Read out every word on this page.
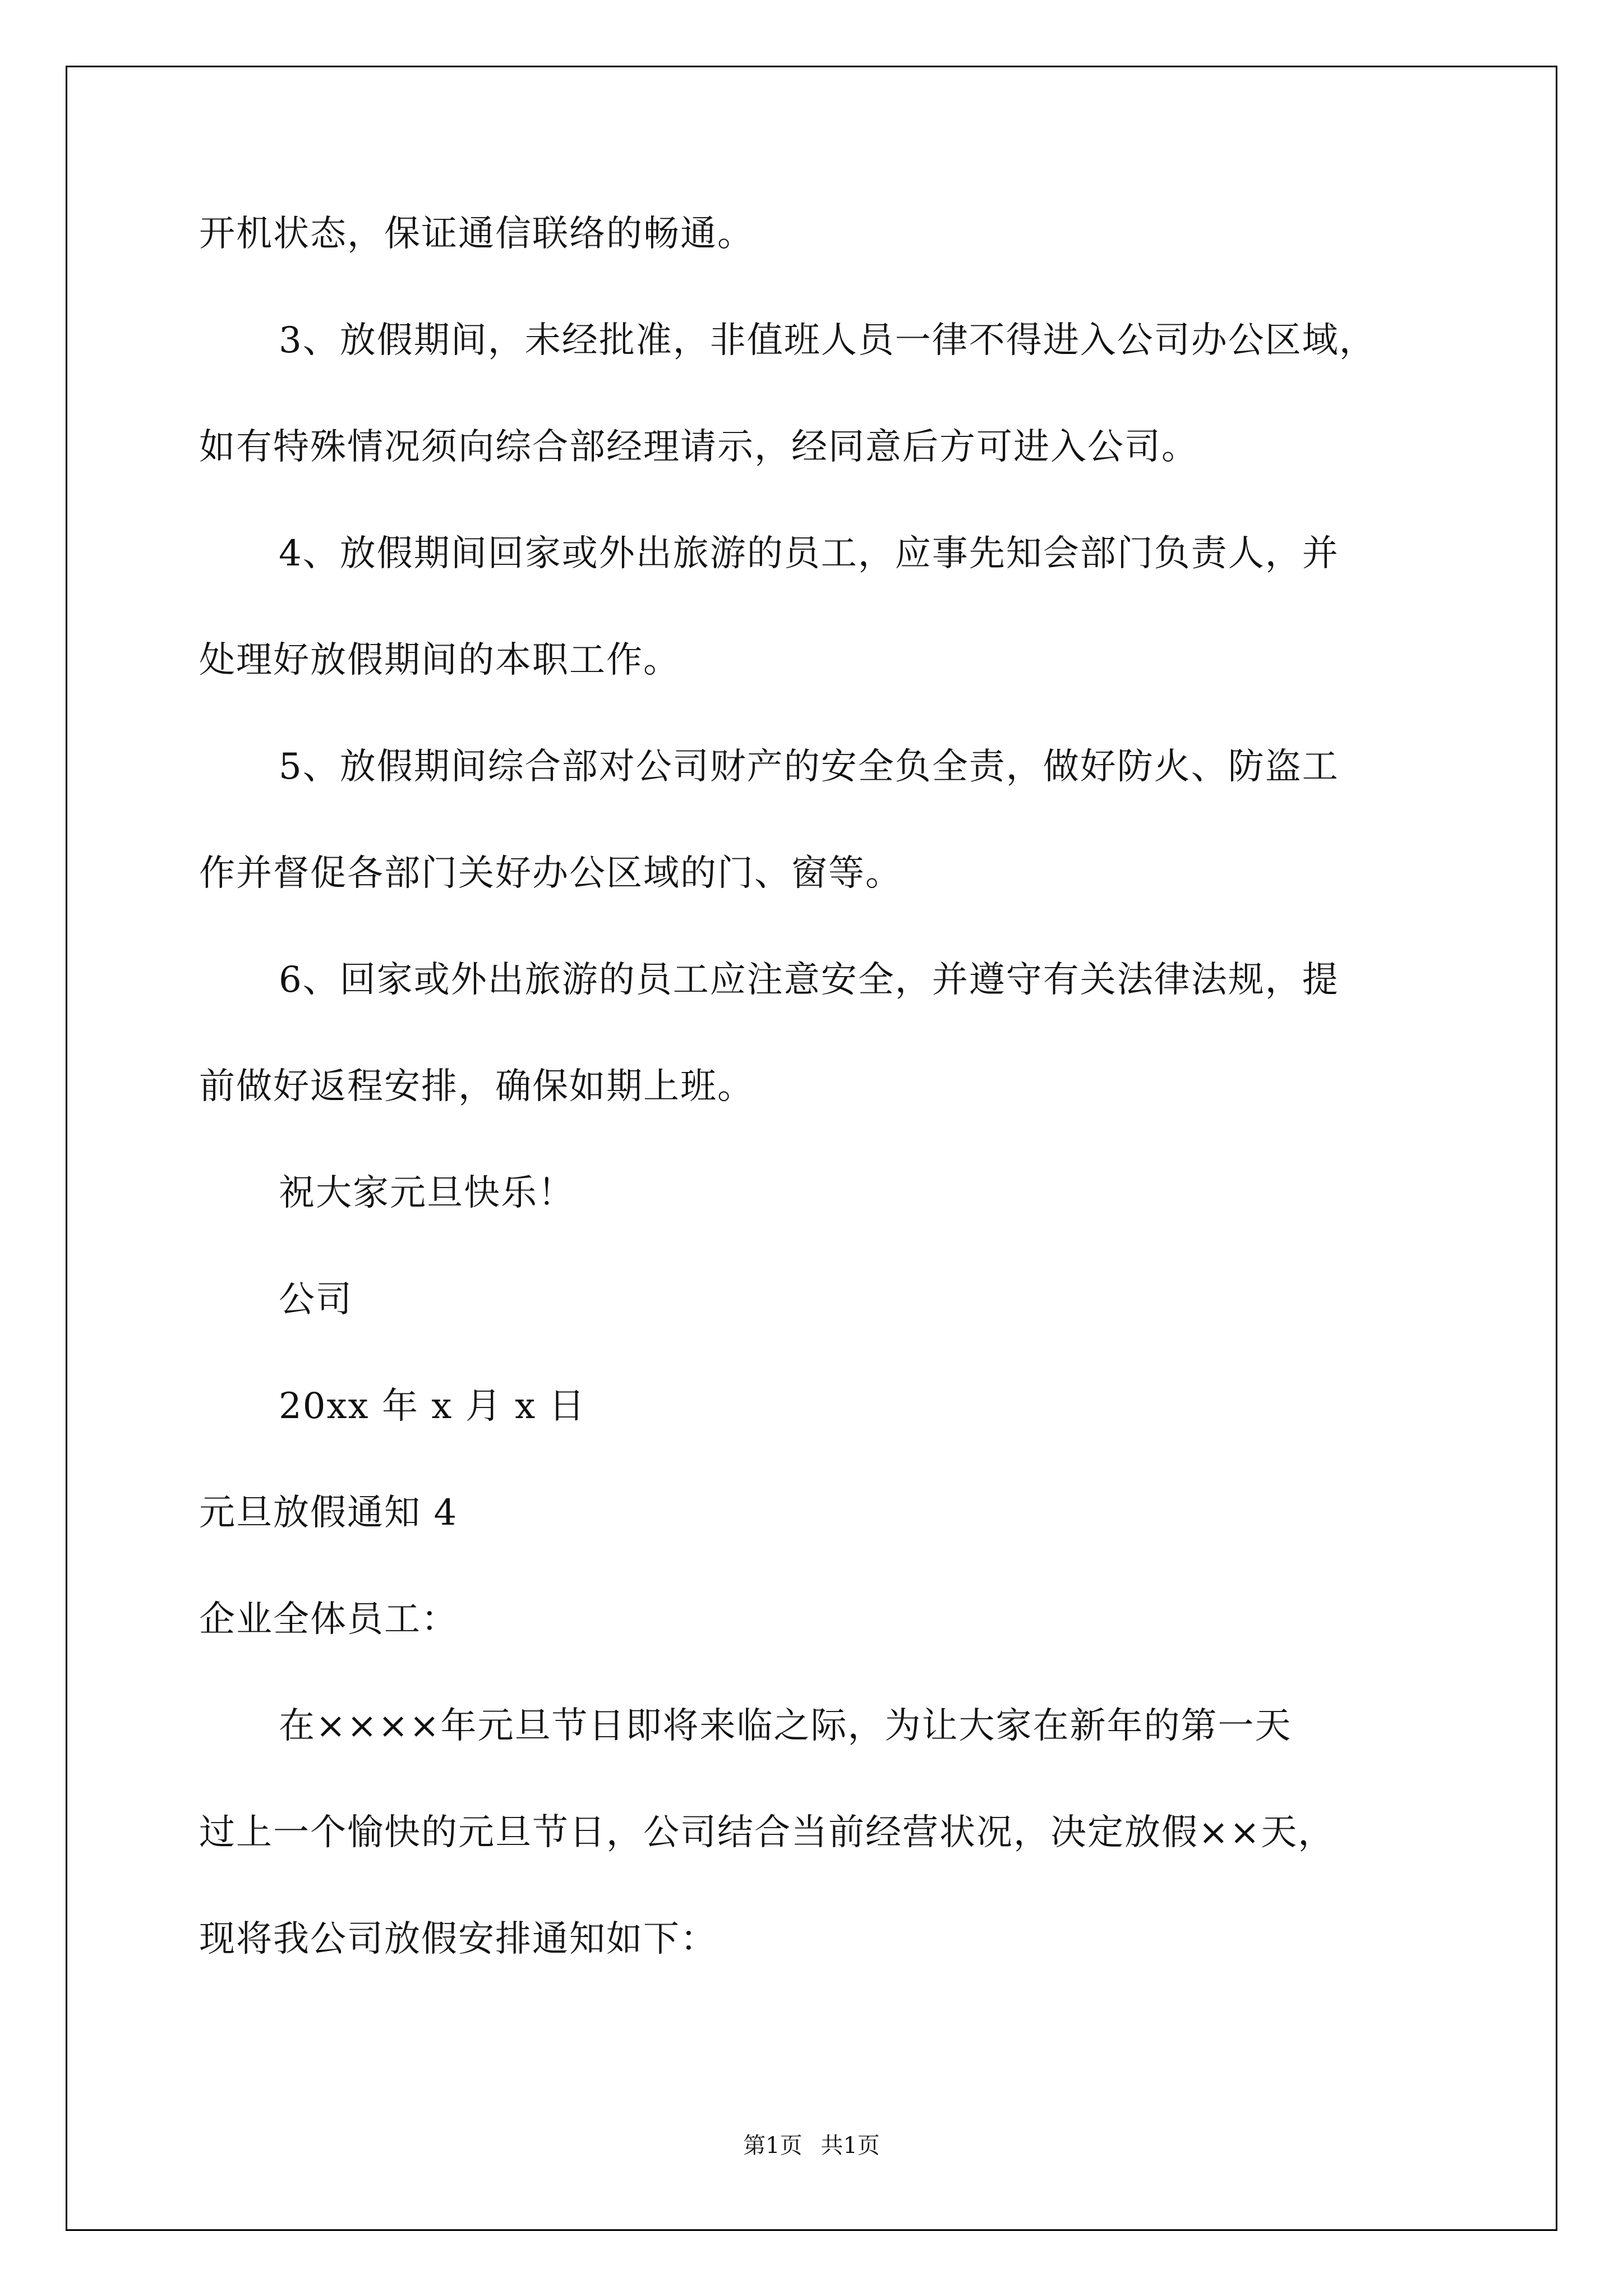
开机状态，保证通信联络的畅通。
3、放假期间，未经批准，非值班人员一律不得进入公司办公区域，
如有特殊情况须向综合部经理请示，经同意后方可进入公司。
4、放假期间回家或外出旅游的员工，应事先知会部门负责人，并
处理好放假期间的本职工作。
5、放假期间综合部对公司财产的安全负全责，做好防火、防盗工
作并督促各部门关好办公区域的门、窗等。
6、回家或外出旅游的员工应注意安全，并遵守有关法律法规，提
前做好返程安排，确保如期上班。
祝大家元旦快乐！
公司
20xx 年 x 月 x 日
元旦放假通知 4
企业全体员工：
在××××年元旦节日即将来临之际，为让大家在新年的第一天
过上一个愉快的元旦节日，公司结合当前经营状况，决定放假××天，
现将我公司放假安排通知如下：
第1页 共1页
